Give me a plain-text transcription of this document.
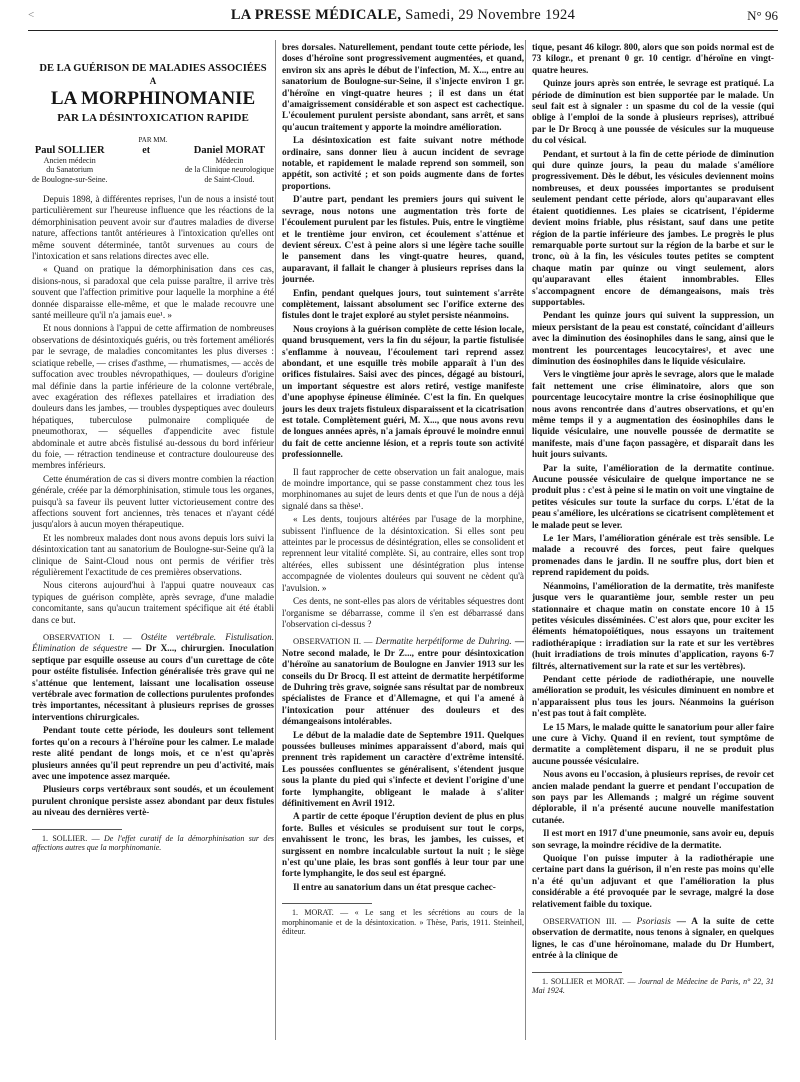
<	LA PRESSE MÉDICALE, Samedi, 29 Novembre 1924	N° 96
DE LA GUÉRISON DE MALADIES ASSOCIÉES
A
LA MORPHINOMANIE
PAR LA DÉSINTOXICATION RAPIDE
PAR MM.
Paul SOLLIER
Ancien médecin
du Sanatorium
de Boulogne-sur-Seine.
et	Daniel MORAT
Médecin
de la Clinique neurologique
de Saint-Cloud.

Depuis 1898, à différentes reprises, l'un de nous a insisté tout particulièrement sur l'heureuse influence que les réactions de la démorphinisation peuvent avoir sur d'autres maladies de diverse nature, affections tantôt antérieures à l'intoxication qu'elles ont même souvent déterminée, tantôt survenues au cours de l'intoxication et sans relations directes avec elle.

« Quand on pratique la démorphinisation dans ces cas, disions-nous, si paradoxal que cela puisse paraître, il arrive très souvent que l'affection primitive pour laquelle la morphine a été donnée disparaisse elle-même, et que le malade recouvre une santé meilleure qu'il n'a jamais eue¹. »

Et nous donnions à l'appui de cette affirmation de nombreuses observations de désintoxiqués guéris, ou très fortement améliorés par le sevrage, de maladies concomitantes les plus diverses : sciatique rebelle, — crises d'asthme, — rhumatismes, — accès de suffocation avec troubles névropathiques, — douleurs d'origine mal définie dans la partie inférieure de la colonne vertébrale, avec exagération des réflexes patellaires et irradiation des douleurs dans les jambes, — troubles dyspeptiques avec douleurs hépatiques, tuberculose pulmonaire compliquée de pneumothorax, — séquelles d'appendicite avec fistule abdominale et autre abcès fistulisé au-dessous du bord inférieur du foie, — rétraction tendineuse et contracture douloureuse des membres inférieurs.

Cette énumération de cas si divers montre combien la réaction générale, créée par la démorphinisation, stimule tous les organes, puisqu'à sa faveur ils peuvent lutter victorieusement contre des affections souvent fort anciennes, très tenaces et n'ayant cédé jusqu'alors à aucun moyen thérapeutique.

Et les nombreux malades dont nous avons depuis lors suivi la désintoxication tant au sanatorium de Boulogne-sur-Seine qu'à la clinique de Saint-Cloud nous ont permis de vérifier très régulièrement l'exactitude de ces premières observations.

Nous citerons aujourd'hui à l'appui quatre nouveaux cas typiques de guérison complète, après sevrage, d'une maladie concomitante, sans qu'aucun traitement spécifique ait été établi dans ce but.

OBSERVATION I. — Ostéite vertébrale. Fistulisation. Élimination de séquestre — Dr X..., chirurgien. Inoculation septique par esquille osseuse au cours d'un curettage de côte pour ostéite fistulisée. Infection généralisée très grave qui ne s'atténue que lentement, laissant une localisation osseuse vertébrale avec formation de collections purulentes profondes très importantes, nécessitant à plusieurs reprises de grosses interventions chirurgicales.

Pendant toute cette période, les douleurs sont tellement fortes qu'on a recours à l'héroïne pour les calmer. Le malade reste alité pendant de longs mois, et ce n'est qu'après plusieurs années qu'il peut reprendre un peu d'activité, mais avec une impotence assez marquée.

Plusieurs corps vertébraux sont soudés, et un écoulement purulent chronique persiste assez abondant par deux fistules au niveau des dernières vertè-

1. SOLLIER. — De l'effet curatif de la démorphinisation sur des affections autres que la morphinomanie.

bres dorsales. Naturellement, pendant toute cette période, les doses d'héroïne sont progressivement augmentées, et quand, environ six ans après le début de l'infection, M. X..., entre au sanatorium de Boulogne-sur-Seine, il s'injecte environ 1 gr. d'héroïne en vingt-quatre heures ; il est dans un état d'amaigrissement considérable et son aspect est cachectique. L'écoulement purulent persiste abondant, sans arrêt, et sans qu'aucun traitement y apporte la moindre amélioration.

La désintoxication est faite suivant notre méthode ordinaire, sans donner lieu à aucun incident de sevrage notable, et rapidement le malade reprend son sommeil, son appétit, son activité ; et son poids augmente dans de fortes proportions.

D'autre part, pendant les premiers jours qui suivent le sevrage, nous notons une augmentation très forte de l'écoulement purulent par les fistules. Puis, entre le vingtième et le trentième jour environ, cet écoulement s'atténue et devient séreux. C'est à peine alors si une légère tache souille le pansement dans les vingt-quatre heures, quand, auparavant, il fallait le changer à plusieurs reprises dans la journée.

Enfin, pendant quelques jours, tout suintement s'arrête complètement, laissant absolument sec l'orifice externe des fistules dont le trajet exploré au stylet persiste néanmoins.

Nous croyions à la guérison complète de cette lésion locale, quand brusquement, vers la fin du séjour, la partie fistulisée s'enflamme à nouveau, l'écoulement tari reprend assez abondant, et une esquille très mobile apparaît à l'un des orifices fistulaires. Saisi avec des pinces, dégagé au bistouri, un important séquestre est alors retiré, vestige manifeste d'une apophyse épineuse éliminée. C'est la fin. En quelques jours les deux trajets fistuleux disparaissent et la cicatrisation est totale. Complètement guéri, M. X..., que nous avons revu de longues années après, n'a jamais éprouvé le moindre ennui du fait de cette ancienne lésion, et a repris toute son activité professionnelle.

Il faut rapprocher de cette observation un fait analogue, mais de moindre importance, qui se passe constamment chez tous les morphinomanes au sujet de leurs dents et que l'un de nous a déjà signalé dans sa thèse¹.

« Les dents, toujours altérées par l'usage de la morphine, subissent l'influence de la désintoxication. Si elles sont peu atteintes par le processus de désintégration, elles se consolident et reprennent leur vitalité complète. Si, au contraire, elles sont trop altérées, elles subissent une désintégration plus intense accompagnée de violentes douleurs qui souvent ne cèdent qu'à l'avulsion. »

Ces dents, ne sont-elles pas alors de véritables séquestres dont l'organisme se débarrasse, comme il s'en est débarrassé dans l'observation ci-dessus ?

OBSERVATION II. — Dermatite herpétiforme de Duhring. — Notre second malade, le Dr Z..., entre pour désintoxication d'héroïne au sanatorium de Boulogne en Janvier 1913 sur les conseils du Dr Brocq. Il est atteint de dermatite herpétiforme de Duhring très grave, soignée sans résultat par de nombreux spécialistes de France et d'Allemagne, et qui l'a amené à l'intoxication pour atténuer des douleurs et des démangeaisons intolérables.

Le début de la maladie date de Septembre 1911. Quelques poussées bulleuses minimes apparaissent d'abord, mais qui prennent très rapidement un caractère d'extrême intensité. Les poussées confluentes se généralisent, s'étendent jusque sous la plante du pied qui s'infecte et devient l'origine d'une forte lymphangite, obligeant le malade à s'aliter définitivement en Avril 1912.

A partir de cette époque l'éruption devient de plus en plus forte. Bulles et vésicules se produisent sur tout le corps, envahissent le tronc, les bras, les jambes, les cuisses, et surgissent en nombre incalculable surtout la nuit ; le siège n'est qu'une plaie, les bras sont gonflés à leur tour par une forte lymphangite, le dos seul est épargné.

Il entre au sanatorium dans un état presque cachec-

1. MORAT. — « Le sang et les sécrétions au cours de la morphinomanie et de la désintoxication. » Thèse, Paris, 1911. Steinheil, éditeur.

tique, pesant 46 kilogr. 800, alors que son poids normal est de 73 kilogr., et prenant 0 gr. 10 centigr. d'héroïne en vingt-quatre heures.

Quinze jours après son entrée, le sevrage est pratiqué. La période de diminution est bien supportée par le malade. Un seul fait est à signaler : un spasme du col de la vessie (qui oblige à l'emploi de la sonde à plusieurs reprises), attribué par le Dr Brocq à une poussée de vésicules sur la muqueuse du col vésical.

Pendant, et surtout à la fin de cette période de diminution qui dure quinze jours, la peau du malade s'améliore progressivement. Dès le début, les vésicules deviennent moins nombreuses, et deux poussées importantes se produisent seulement pendant cette période, alors qu'auparavant elles étaient quotidiennes. Les plaies se cicatrisent, l'épiderme devient moins friable, plus résistant, sauf dans une petite région de la partie inférieure des jambes. Le progrès le plus remarquable porte surtout sur la région de la barbe et sur le tronc, où à la fin, les vésicules toutes petites se comptent chaque matin par quinze ou vingt seulement, alors qu'auparavant elles étaient innombrables. Elles s'accompagnent encore de démangeaisons, mais très supportables.

Pendant les quinze jours qui suivent la suppression, un mieux persistant de la peau est constaté, coïncidant d'ailleurs avec la diminution des éosinophiles dans le sang, ainsi que le montrent les pourcentages leucocytaires¹, et avec une diminution des éosinophiles dans le liquide vésiculaire.

Vers le vingtième jour après le sevrage, alors que le malade fait nettement une crise éliminatoire, alors que son pourcentage leucocytaire montre la crise éosinophilique que nous avons rencontrée dans d'autres observations, et qu'en même temps il y a augmentation des éosinophiles dans le liquide vésiculaire, une nouvelle poussée de dermatite se manifeste, mais d'une façon passagère, et disparaît dans les huit jours suivants.

Par la suite, l'amélioration de la dermatite continue. Aucune poussée vésiculaire de quelque importance ne se produit plus : c'est à peine si le matin on voit une vingtaine de petites vésicules sur toute la surface du corps. L'état de la peau s'améliore, les ulcérations se cicatrisent complètement et le malade peut se lever.

Le 1er Mars, l'amélioration générale est très sensible. Le malade a recouvré des forces, peut faire quelques promenades dans le jardin. Il ne souffre plus, dort bien et reprend rapidement du poids.

Néanmoins, l'amélioration de la dermatite, très manifeste jusque vers le quarantième jour, semble rester un peu stationnaire et chaque matin on constate encore 10 à 15 petites vésicules disséminées. C'est alors que, pour exciter les éléments hématopoïétiques, nous essayons un traitement radiothérapique : irradiation sur la rate et sur les vertèbres (huit irradiations de trois minutes d'application, rayons 6-7 filtrés, alternativement sur la rate et sur les vertèbres).

Pendant cette période de radiothérapie, une nouvelle amélioration se produit, les vésicules diminuent en nombre et n'apparaissent plus tous les jours. Néanmoins la guérison n'est pas tout à fait complète.

Le 15 Mars, le malade quitte le sanatorium pour aller faire une cure à Vichy. Quand il en revient, tout symptôme de dermatite a complètement disparu, il ne se produit plus aucune poussée vésiculaire.

Nous avons eu l'occasion, à plusieurs reprises, de revoir cet ancien malade pendant la guerre et pendant l'occupation de son pays par les Allemands ; malgré un régime souvent déplorable, il n'a présenté aucune nouvelle manifestation cutanée.

Il est mort en 1917 d'une pneumonie, sans avoir eu, depuis son sevrage, la moindre récidive de la dermatite.

Quoique l'on puisse imputer à la radiothérapie une certaine part dans la guérison, il n'en reste pas moins qu'elle n'a été qu'un adjuvant et que l'amélioration la plus considérable a été provoquée par le sevrage, malgré la dose relativement faible du toxique.

OBSERVATION III. — Psoriasis — A la suite de cette observation de dermatite, nous tenons à signaler, en quelques lignes, le cas d'une héroïnomane, malade du Dr Humbert, entrée à la clinique de

1. SOLLIER et MORAT. — Journal de Médecine de Paris, n° 22, 31 Mai 1924.
